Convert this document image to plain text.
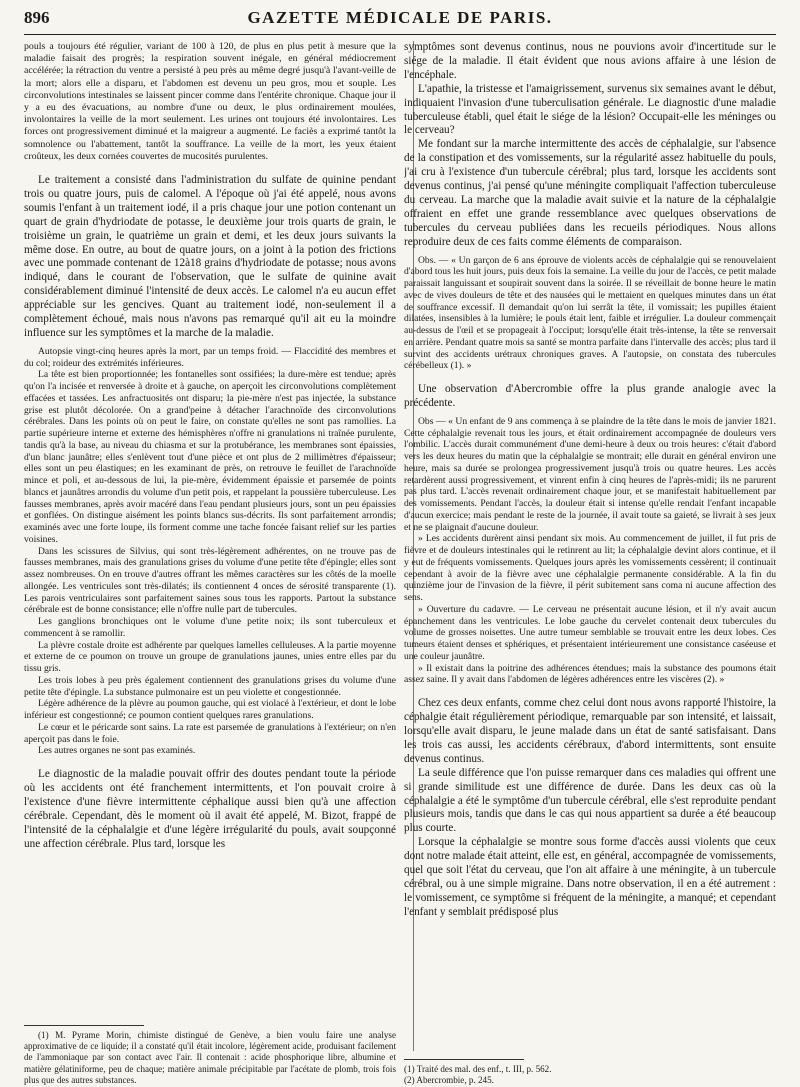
896	GAZETTE MÉDICALE DE PARIS.

pouls a toujours été régulier, variant de 100 à 120, de plus en plus petit à mesure que la maladie faisait des progrès; la respiration souvent inégale, en général médiocrement accélérée; la rétraction du ventre a persisté à peu près au même degré jusqu'à l'avant-veille de la mort; alors elle a disparu, et l'abdomen est devenu un peu gros, mou et souple. Les circonvolutions intestinales se laissent pincer comme dans l'entérite chronique. Chaque jour il y a eu des évacuations, au nombre d'une ou deux, le plus ordinairement moulées, involontaires la veille de la mort seulement. Les urines ont toujours été involontaires. Les forces ont progressivement diminué et la maigreur a augmenté. Le faciès a exprimé tantôt la somnolence ou l'abattement, tantôt la souffrance. La veille de la mort, les yeux étaient croûteux, les deux cornées couvertes de mucosités purulentes.

Le traitement a consisté dans l'administration du sulfate de quinine pendant trois ou quatre jours, puis de calomel. A l'époque où j'ai été appelé, nous avons soumis l'enfant à un traitement iodé, il a pris chaque jour une potion contenant un quart de grain d'hydriodate de potasse, le deuxième jour trois quarts de grain, le troisième un grain, le quatrième un grain et demi, et les deux jours suivants la même dose. En outre, au bout de quatre jours, on a joint à la potion des frictions avec une pommade contenant de 12à18 grains d'hydriodate de potasse; nous avons indiqué, dans le courant de l'observation, que le sulfate de quinine avait considérablement diminué l'intensité de deux accès. Le calomel n'a eu aucun effet appréciable sur les gencives. Quant au traitement iodé, non-seulement il a complètement échoué, mais nous n'avons pas remarqué qu'il ait eu la moindre influence sur les symptômes et la marche de la maladie.

Autopsie vingt-cinq heures après la mort, par un temps froid. — Flaccidité des membres et du col; roideur des extrémités inférieures.

La tête est bien proportionnée; les fontanelles sont ossifiées; la dure-mère est tendue; après qu'on l'a incisée et renversée à droite et à gauche, on aperçoit les circonvolutions complètement effacées et tassées. Les anfractuosités ont disparu; la pie-mère n'est pas injectée, la substance grise est plutôt décolorée. On a grand'peine à détacher l'arachnoïde des circonvolutions cérébrales. Dans les points où on peut le faire, on constate qu'elles ne sont pas ramollies. La partie supérieure interne et externe des hémisphères n'offre ni granulations ni traînée purulente, tandis qu'à la base, au niveau du chiasma et sur la protubérance, les membranes sont épaissies, d'un blanc jaunâtre; elles s'enlèvent tout d'une pièce et ont plus de 2 millimètres d'épaisseur; elles sont un peu élastiques; en les examinant de près, on retrouve le feuillet de l'arachnoïde mince et poli, et au-dessous de lui, la pie-mère, évidemment épaissie et parsemée de points blancs et jaunâtres arrondis du volume d'un petit pois, et rappelant la poussière tuberculeuse. Les fausses membranes, après avoir macéré dans l'eau pendant plusieurs jours, sont un peu épaissies et gonflées. On distingue aisément les points blancs sus-décrits. Ils sont parfaitement arrondis; examinés avec une forte loupe, ils forment comme une tache foncée faisant relief sur les parties voisines.

Dans les scissures de Silvius, qui sont très-légèrement adhérentes, on ne trouve pas de fausses membranes, mais des granulations grises du volume d'une petite tête d'épingle; elles sont assez nombreuses. On en trouve d'autres offrant les mêmes caractères sur les côtés de la moelle allongée. Les ventricules sont très-dilatés; ils contiennent 4 onces de sérosité transparente (1). Les parois ventriculaires sont parfaitement saines sous tous les rapports. Partout la substance cérébrale est de bonne consistance; elle n'offre nulle part de tubercules.

Les ganglions bronchiques ont le volume d'une petite noix; ils sont tuberculeux et commencent à se ramollir.

La plèvre costale droite est adhérente par quelques lamelles celluleuses. A la partie moyenne et externe de ce poumon on trouve un groupe de granulations jaunes, unies entre elles par du tissu gris.

Les trois lobes à peu près également contiennent des granulations grises du volume d'une petite tête d'épingle. La substance pulmonaire est un peu violette et congestionnée.

Légère adhérence de la plèvre au poumon gauche, qui est violacé à l'extérieur, et dont le lobe inférieur est congestionné; ce poumon contient quelques rares granulations.

Le cœur et le péricarde sont sains. La rate est parsemée de granulations à l'extérieur; on n'en aperçoit pas dans le foie.

Les autres organes ne sont pas examinés.

Le diagnostic de la maladie pouvait offrir des doutes pendant toute la période où les accidents ont été franchement intermittents, et l'on pouvait croire à l'existence d'une fièvre intermittente céphalique aussi bien qu'à une affection cérébrale. Cependant, dès le moment où il avait été appelé, M. Bizot, frappé de l'intensité de la céphalalgie et d'une légère irrégularité du pouls, avait soupçonné une affection cérébrale. Plus tard, lorsque les

(1) M. Pyrame Morin, chimiste distingué de Genève, a bien voulu faire une analyse approximative de ce liquide; il a constaté qu'il était incolore, légèrement acide, produisant facilement de l'ammoniaque par son contact avec l'air. Il contenait : acide phosphorique libre, albumine et matière gélatiniforme, peu de chaque; matière animale précipitable par l'acétate de plomb, trois fois plus que des autres substances.

symptômes sont devenus continus, nous ne pouvions avoir d'incertitude sur le siége de la maladie. Il était évident que nous avions affaire à une lésion de l'encéphale.

L'apathie, la tristesse et l'amaigrissement, survenus six semaines avant le début, indiquaient l'invasion d'une tuberculisation générale. Le diagnostic d'une maladie tuberculeuse établi, quel était le siége de la lésion? Occupait-elle les méninges ou le cerveau?

Me fondant sur la marche intermittente des accès de céphalalgie, sur l'absence de la constipation et des vomissements, sur la régularité assez habituelle du pouls, j'ai cru à l'existence d'un tubercule cérébral; plus tard, lorsque les accidents sont devenus continus, j'ai pensé qu'une méningite compliquait l'affection tuberculeuse du cerveau. La marche que la maladie avait suivie et la nature de la céphalalgie offraient en effet une grande ressemblance avec quelques observations de tubercules du cerveau publiées dans les recueils périodiques. Nous allons reproduire deux de ces faits comme éléments de comparaison.

Obs. — « Un garçon de 6 ans éprouve de violents accès de céphalalgie qui se renouvelaient d'abord tous les huit jours, puis deux fois la semaine. La veille du jour de l'accès, ce petit malade paraissait languissant et soupirait souvent dans la soirée. Il se réveillait de bonne heure le matin avec de vives douleurs de tête et des nausées qui le mettaient en quelques minutes dans un état de souffrance excessif. Il demandait qu'on lui serrât la tête, il vomissait; les pupilles étaient dilatées, insensibles à la lumière; le pouls était lent, faible et irrégulier. La douleur commençait au-dessus de l'œil et se propageait à l'occiput; lorsqu'elle était très-intense, la tête se renversait en arrière. Pendant quatre mois sa santé se montra parfaite dans l'intervalle des accès; plus tard il survint des accidents urétraux chroniques graves. A l'autopsie, on constata des tubercules cérébelleux (1). »

Une observation d'Abercrombie offre la plus grande analogie avec la précédente.

Obs — « Un enfant de 9 ans commença à se plaindre de la tête dans le mois de janvier 1821. Cette céphalalgie revenait tous les jours, et était ordinairement accompagnée de douleurs vers l'ombilic. L'accès durait communément d'une demi-heure à deux ou trois heures: c'était d'abord vers les deux heures du matin que la céphalalgie se montrait; elle durait en général environ une heure, mais sa durée se prolongea progressivement jusqu'à trois ou quatre heures. Les accès retardèrent aussi progressivement, et vinrent enfin à cinq heures de l'après-midi; ils ne parurent pas plus tard. L'accès revenait ordinairement chaque jour, et se manifestait habituellement par des vomissements. Pendant l'accès, la douleur était si intense qu'elle rendait l'enfant incapable d'aucun exercice; mais pendant le reste de la journée, il avait toute sa gaieté, se livrait à ses jeux et ne se plaignait d'aucune douleur.

» Les accidents durèrent ainsi pendant six mois. Au commencement de juillet, il fut pris de fièvre et de douleurs intestinales qui le retinrent au lit; la céphalalgie devint alors continue, et il y eut de fréquents vomissements. Quelques jours après les vomissements cessèrent; il continuait cependant à avoir de la fièvre avec une céphalalgie permanente considérable. A la fin du quinzième jour de l'invasion de la fièvre, il périt subitement sans coma ni aucune affection des sens.

» Ouverture du cadavre. — Le cerveau ne présentait aucune lésion, et il n'y avait aucun épanchement dans les ventricules. Le lobe gauche du cervelet contenait deux tubercules du volume de grosses noisettes. Une autre tumeur semblable se trouvait entre les deux lobes. Ces tumeurs étaient denses et sphériques, et présentaient intérieurement une consistance caséeuse et une couleur jaunâtre.

» Il existait dans la poitrine des adhérences étendues; mais la substance des poumons était assez saine. Il y avait dans l'abdomen de légères adhérences entre les viscères (2). »

Chez ces deux enfants, comme chez celui dont nous avons rapporté l'histoire, la céphalgie était régulièrement périodique, remarquable par son intensité, et laissait, lorsqu'elle avait disparu, le jeune malade dans un état de santé satisfaisant. Dans les trois cas aussi, les accidents cérébraux, d'abord intermittents, sont ensuite devenus continus.

La seule différence que l'on puisse remarquer dans ces maladies qui offrent une si grande similitude est une différence de durée. Dans les deux cas où la céphalalgie a été le symptôme d'un tubercule cérébral, elle s'est reproduite pendant plusieurs mois, tandis que dans le cas qui nous appartient sa durée a été beaucoup plus courte.

Lorsque la céphalalgie se montre sous forme d'accès aussi violents que ceux dont notre malade était atteint, elle est, en général, accompagnée de vomissements, quel que soit l'état du cerveau, que l'on ait affaire à une méningite, à un tubercule cérébral, ou à une simple migraine. Dans notre observation, il en a été autrement : le vomissement, ce symptôme si fréquent de la méningite, a manqué; et cependant l'enfant y semblait prédisposé plus

(1) Traité des mal. des enf., t. III, p. 562.

(2) Abercrombie, p. 245.
